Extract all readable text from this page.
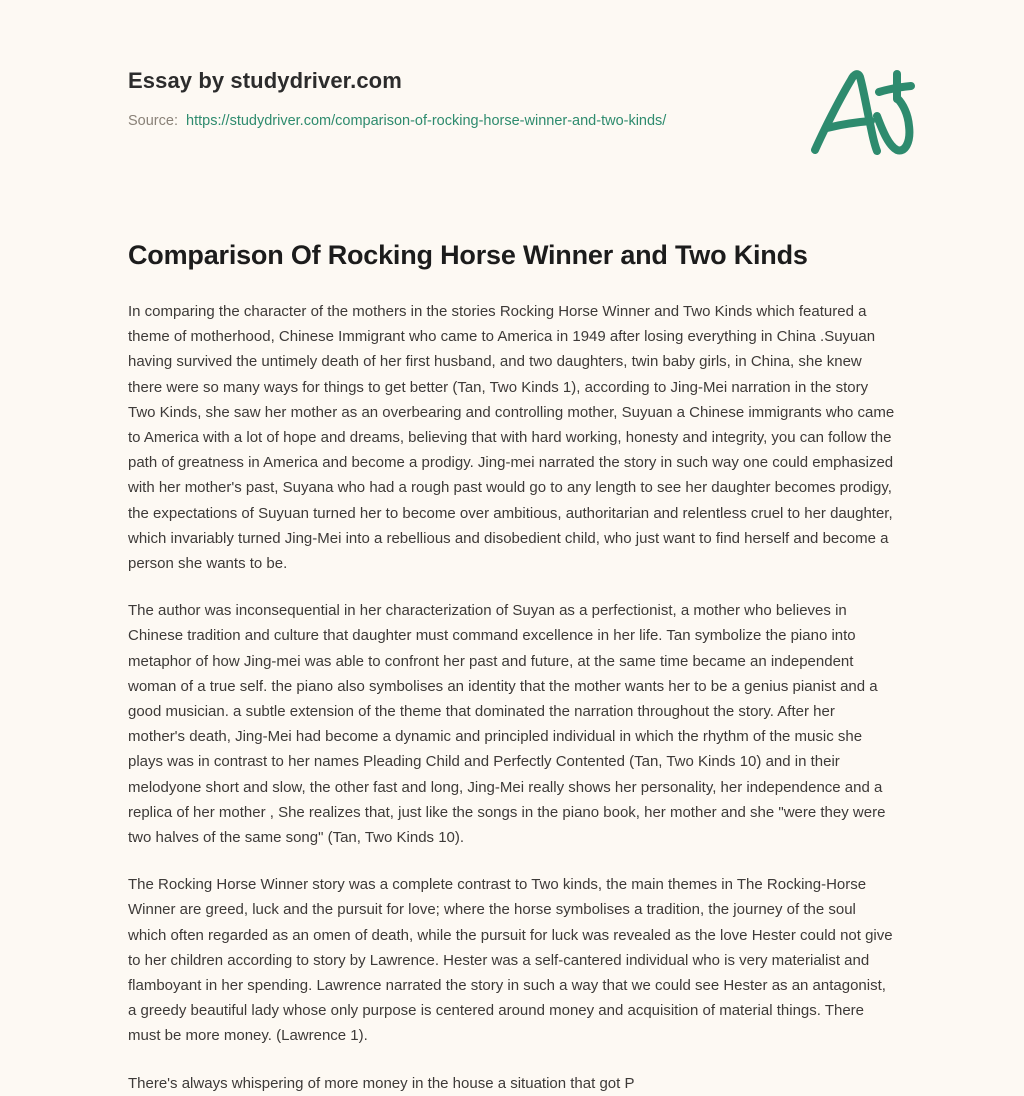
Essay by studydriver.com
Source: https://studydriver.com/comparison-of-rocking-horse-winner-and-two-kinds/
Comparison Of Rocking Horse Winner and Two Kinds

In comparing the character of the mothers in the stories Rocking Horse Winner and Two Kinds which featured a theme of motherhood, Chinese Immigrant who came to America in 1949 after losing everything in China .Suyuan having survived the untimely death of her first husband, and two daughters, twin baby girls, in China, she knew there were so many ways for things to get better (Tan, Two Kinds 1), according to Jing-Mei narration in the story Two Kinds, she saw her mother as an overbearing and controlling mother, Suyuan a Chinese immigrants who came to America with a lot of hope and dreams, believing that with hard working, honesty and integrity, you can follow the path of greatness in America and become a prodigy. Jing-mei narrated the story in such way one could emphasized with her mother's past, Suyana who had a rough past would go to any length to see her daughter becomes prodigy, the expectations of Suyuan turned her to become over ambitious, authoritarian and relentless cruel to her daughter, which invariably turned Jing-Mei into a rebellious and disobedient child, who just want to find herself and become a person she wants to be.

The author was inconsequential in her characterization of Suyan as a perfectionist, a mother who believes in Chinese tradition and culture that daughter must command excellence in her life. Tan symbolize the piano into metaphor of how Jing-mei was able to confront her past and future, at the same time became an independent woman of a true self. the piano also symbolises an identity that the mother wants her to be a genius pianist and a good musician. a subtle extension of the theme that dominated the narration throughout the story. After her mother's death, Jing-Mei had become a dynamic and principled individual in which the rhythm of the music she plays was in contrast to her names Pleading Child and Perfectly Contented (Tan, Two Kinds 10) and in their melodyone short and slow, the other fast and long, Jing-Mei really shows her personality, her independence and a replica of her mother , She realizes that, just like the songs in the piano book, her mother and she "were they were two halves of the same song" (Tan, Two Kinds 10).

The Rocking Horse Winner story was a complete contrast to Two kinds, the main themes in The Rocking-Horse Winner are greed, luck and the pursuit for love; where the horse symbolises a tradition, the journey of the soul which often regarded as an omen of death, while the pursuit for luck was revealed as the love Hester could not give to her children according to story by Lawrence. Hester was a self-cantered individual who is very materialist and flamboyant in her spending. Lawrence narrated the story in such a way that we could see Hester as an antagonist, a greedy beautiful lady whose only purpose is centered around money and acquisition of material things. There must be more money. (Lawrence 1).

There's always whispering of more money in the house a situation that got P
